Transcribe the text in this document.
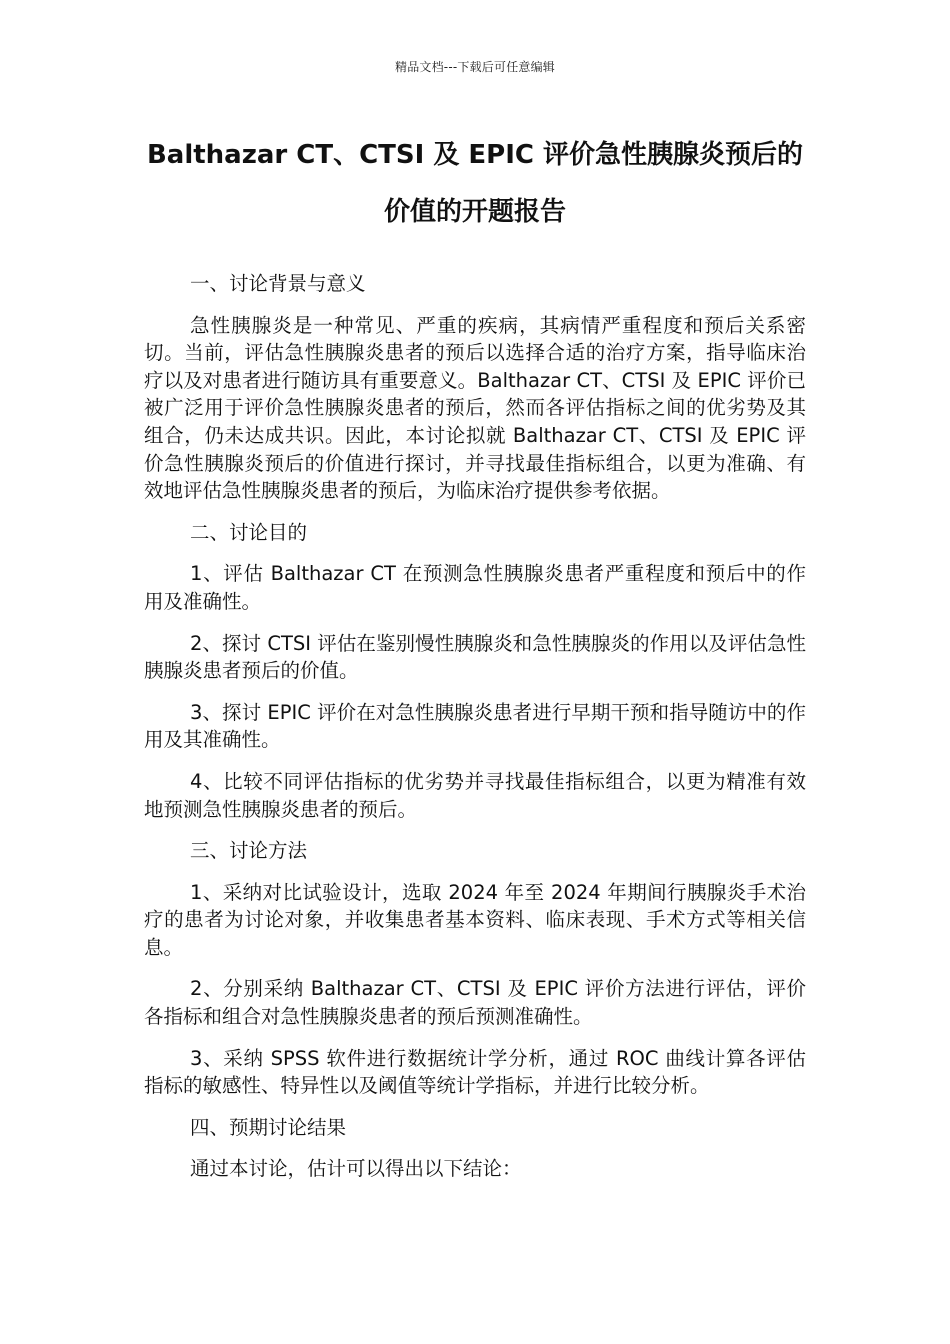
精品文档---下载后可任意编辑
Balthazar CT、CTSI 及 EPIC 评价急性胰腺炎预后的
价值的开题报告

一、讨论背景与意义

急性胰腺炎是一种常见、严重的疾病，其病情严重程度和预后关系密切。当前，评估急性胰腺炎患者的预后以选择合适的治疗方案，指导临床治疗以及对患者进行随访具有重要意义。Balthazar CT、CTSI 及 EPIC 评价已被广泛用于评价急性胰腺炎患者的预后，然而各评估指标之间的优劣势及其组合，仍未达成共识。因此，本讨论拟就 Balthazar CT、CTSI 及 EPIC 评价急性胰腺炎预后的价值进行探讨，并寻找最佳指标组合，以更为准确、有效地评估急性胰腺炎患者的预后，为临床治疗提供参考依据。

二、讨论目的

1、评估 Balthazar CT 在预测急性胰腺炎患者严重程度和预后中的作用及准确性。

2、探讨 CTSI 评估在鉴别慢性胰腺炎和急性胰腺炎的作用以及评估急性胰腺炎患者预后的价值。

3、探讨 EPIC 评价在对急性胰腺炎患者进行早期干预和指导随访中的作用及其准确性。

4、比较不同评估指标的优劣势并寻找最佳指标组合，以更为精准有效地预测急性胰腺炎患者的预后。

三、讨论方法

1、采纳对比试验设计，选取 2024 年至 2024 年期间行胰腺炎手术治疗的患者为讨论对象，并收集患者基本资料、临床表现、手术方式等相关信息。

2、分别采纳 Balthazar CT、CTSI 及 EPIC 评价方法进行评估，评价各指标和组合对急性胰腺炎患者的预后预测准确性。

3、采纳 SPSS 软件进行数据统计学分析，通过 ROC 曲线计算各评估指标的敏感性、特异性以及阈值等统计学指标，并进行比较分析。

四、预期讨论结果

通过本讨论，估计可以得出以下结论：
